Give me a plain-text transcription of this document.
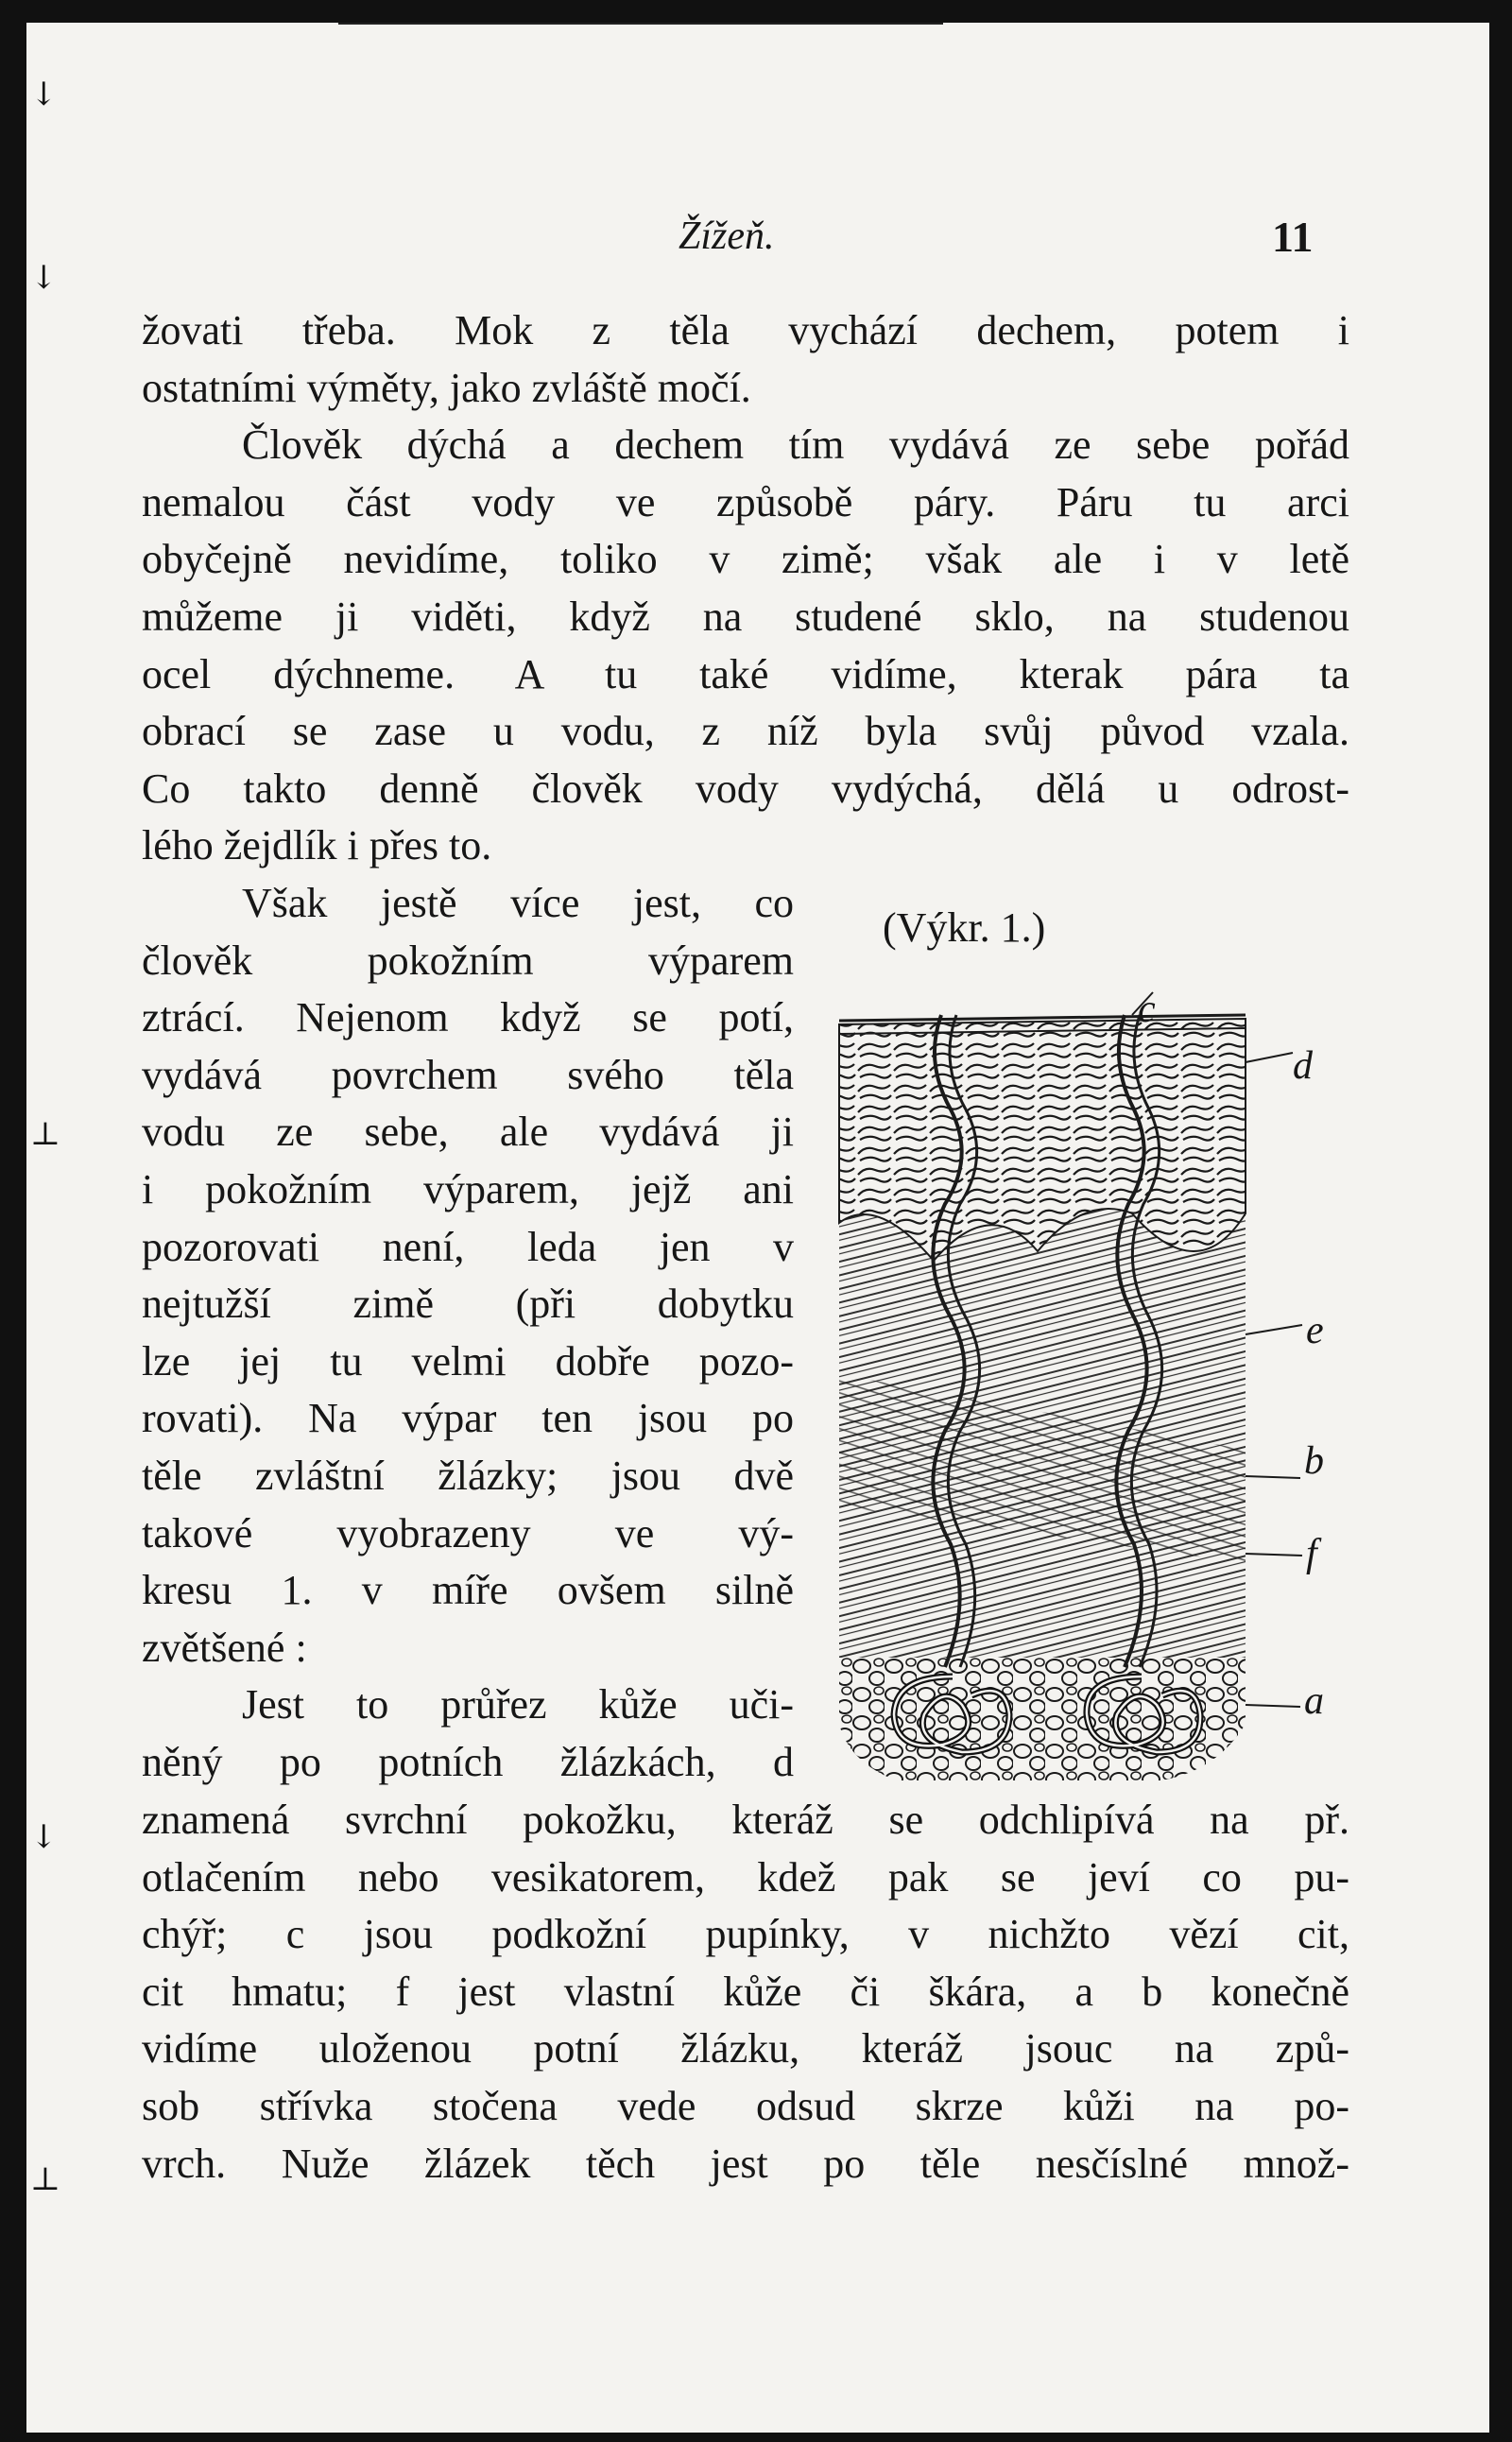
↓
↓
⊥
↓
⊥
Žížeň.	11
žovati třeba. Mok z těla vychází dechem, potem i
ostatními výměty, jako zvláště močí.
Člověk dýchá a dechem tím vydává ze sebe pořád
nemalou část vody ve způsobě páry. Páru tu arci
obyčejně nevidíme, toliko v zimě; však ale i v letě
můžeme ji viděti, když na studené sklo, na studenou
ocel dýchneme. A tu také vidíme, kterak pára ta
obrací se zase u vodu, z níž byla svůj původ vzala.
Co takto denně člověk vody vydýchá, dělá u odrost-
lého žejdlík i přes to.
Však jestě více jest, co
člověk pokožním výparem
ztrácí. Nejenom když se potí,
vydává povrchem svého těla
vodu ze sebe, ale vydává ji
i pokožním výparem, jejž ani
pozorovati není, leda jen v
nejtužší zimě (při dobytku
lze jej tu velmi dobře pozo-
rovati). Na výpar ten jsou po
těle zvláštní žlázky; jsou dvě
takové vyobrazeny ve vý-
kresu 1. v míře ovšem silně
zvětšené :
Jest to průřez kůže uči-
něný po potních žlázkách, d
znamená svrchní pokožku, kteráž se odchlipívá na př.
otlačením nebo vesikatorem, kdež pak se jeví co pu-
chýř; c jsou podkožní pupínky, v nichžto vězí cit,
cit hmatu; f jest vlastní kůže či škára, a b konečně
vidíme uloženou potní žlázku, kteráž jsouc na způ-
sob střívka stočena vede odsud skrze kůži na po-
vrch. Nuže žlázek těch jest po těle nesčíslné množ-
(Výkr. 1.)
c
d
e
b
f
a
